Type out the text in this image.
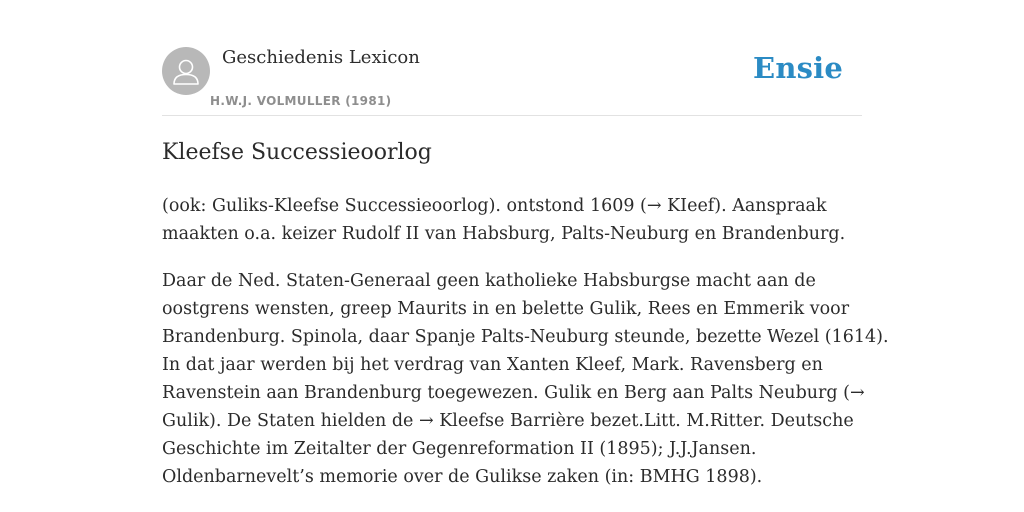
Geschiedenis Lexicon
H.W.J. VOLMULLER (1981)
Ensie
Kleefse Successieoorlog

(ook: Guliks-Kleefse Successieoorlog). ontstond 1609 (→ KIeef). Aanspraak
maakten o.a. keizer Rudolf II van Habsburg, Palts-Neuburg en Brandenburg.

Daar de Ned. Staten-Generaal geen katholieke Habsburgse macht aan de
oostgrens wensten, greep Maurits in en belette Gulik, Rees en Emmerik voor
Brandenburg. Spinola, daar Spanje Palts-Neuburg steunde, bezette Wezel (1614).
In dat jaar werden bij het verdrag van Xanten Kleef, Mark. Ravensberg en
Ravenstein aan Brandenburg toegewezen. Gulik en Berg aan Palts Neuburg (→
Gulik). De Staten hielden de → Kleefse Barrière bezet.Litt. M.Ritter. Deutsche
Geschichte im Zeitalter der Gegenreformation II (1895); J.J.Jansen.
Oldenbarnevelt’s memorie over de Gulikse zaken (in: BMHG 1898).
